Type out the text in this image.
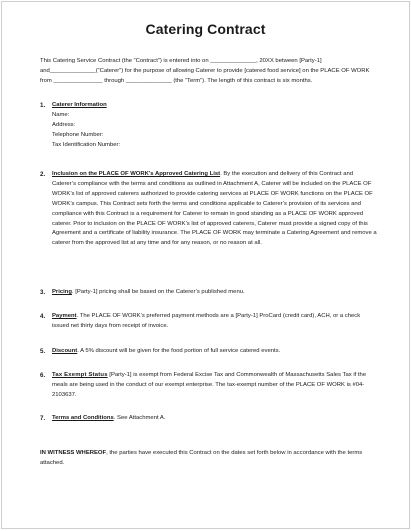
Catering Contract
This Catering Service Contract (the “Contract”) is entered into on ______________, 20XX between [Party-1] and______________(“Caterer”) for the purpose of allowing Caterer to provide [catered food service] on the PLACE OF WORK from _______________ through ______________ (the “Term”). The length of this contract is six months.
1. Caterer Information
Name:
Address:
Telephone Number:
Tax Identification Number:
2. Inclusion on the PLACE OF WORK's Approved Catering List. By the execution and delivery of this Contract and Caterer’s compliance with the terms and conditions as outlined in Attachment A, Caterer will be included on the PLACE OF WORK’s list of approved caterers authorized to provide catering services at PLACE OF WORK functions on the PLACE OF WORK’s campus. This Contract sets forth the terms and conditions applicable to Caterer’s provision of its services and compliance with this Contract is a requirement for Caterer to remain in good standing as a PLACE OF WORK approved caterer. Prior to inclusion on the PLACE OF WORK’s list of approved caterers, Caterer must provide a signed copy of this Agreement and a certificate of liability insurance. The PLACE OF WORK may terminate a Catering Agreement and remove a caterer from the approved list at any time and for any reason, or no reason at all.
3. Pricing. [Party-1] pricing shall be based on the Caterer’s published menu.
4. Payment. The PLACE OF WORK’s preferred payment methods are a [Party-1] ProCard (credit card), ACH, or a check issued net thirty days from receipt of invoice.
5. Discount. A 5% discount will be given for the food portion of full service catered events.
6. Tax Exempt Status [Party-1] is exempt from Federal Excise Tax and Commonwealth of Massachusetts Sales Tax if the meals are being used in the conduct of our exempt enterprise. The tax-exempt number of the PLACE OF WORK is #04-2103637.
7. Terms and Conditions. See Attachment A.
IN WITNESS WHEREOF, the parties have executed this Contract on the dates set forth below in accordance with the terms attached.
